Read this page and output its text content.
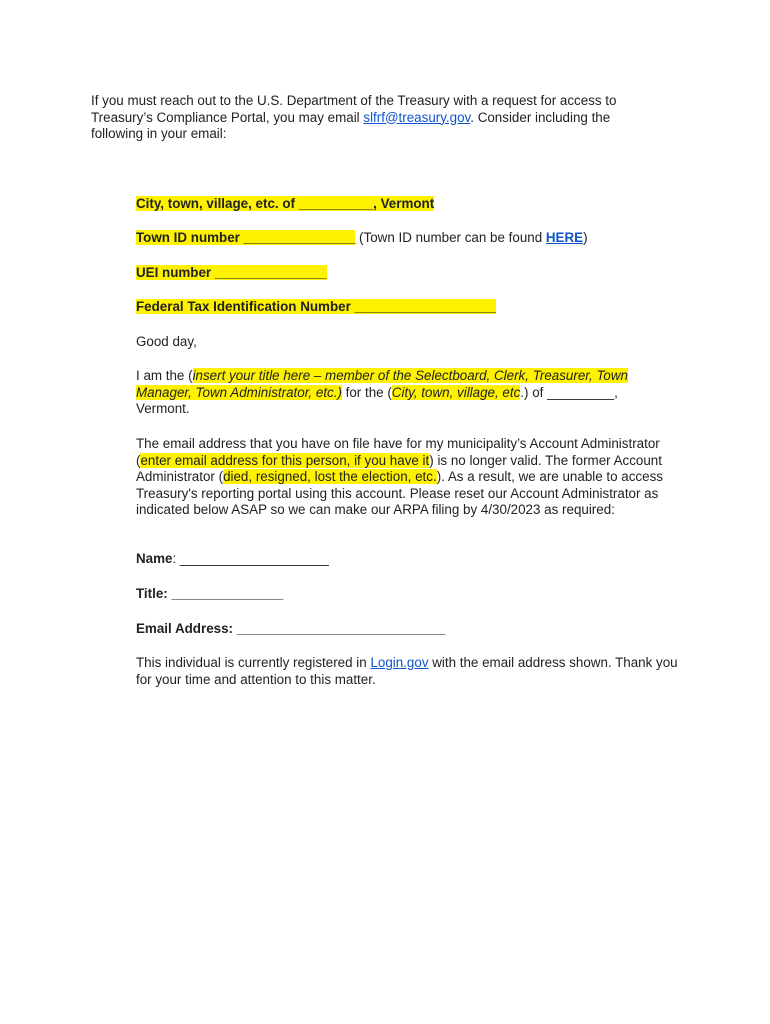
If you must reach out to the U.S. Department of the Treasury with a request for access to Treasury’s Compliance Portal, you may email slfrf@treasury.gov. Consider including the following in your email:
City, town, village, etc. of __________, Vermont
Town ID number _______________ (Town ID number can be found HERE)
UEI number _______________
Federal Tax Identification Number ___________________
Good day,
I am the (insert your title here – member of the Selectboard, Clerk, Treasurer, Town Manager, Town Administrator, etc.) for the (City, town, village, etc.) of _________, Vermont.
The email address that you have on file have for my municipality’s Account Administrator (enter email address for this person, if you have it) is no longer valid. The former Account Administrator (died, resigned, lost the election, etc.). As a result, we are unable to access Treasury's reporting portal using this account. Please reset our Account Administrator as indicated below ASAP so we can make our ARPA filing by 4/30/2023 as required:
Name: ____________________
Title: _______________
Email Address: ____________________________
This individual is currently registered in Login.gov with the email address shown. Thank you for your time and attention to this matter.
